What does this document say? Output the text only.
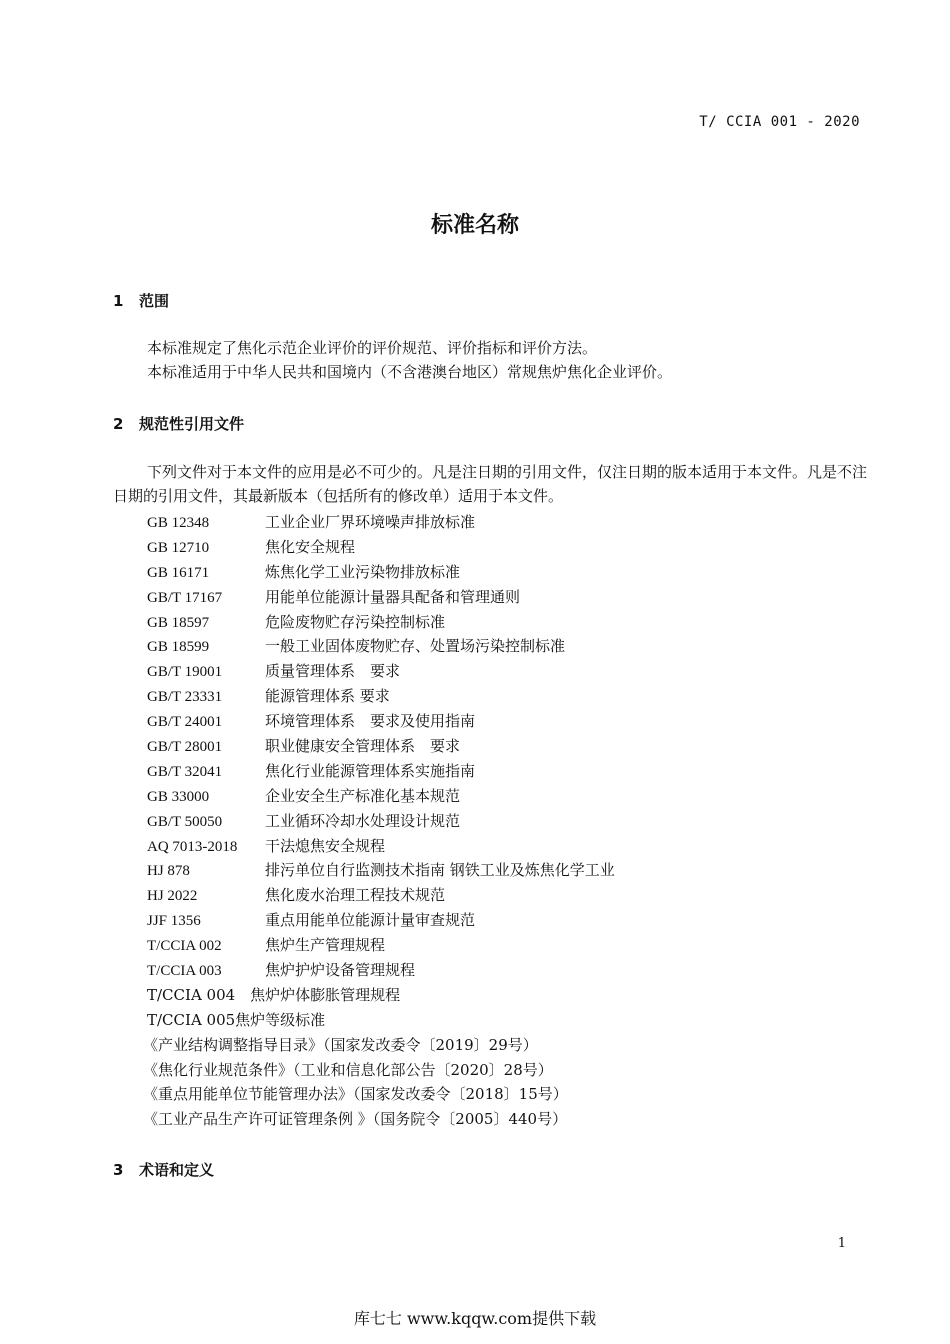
T/ CCIA 001 - 2020
标准名称
1 范围

本标准规定了焦化示范企业评价的评价规范、评价指标和评价方法。

本标准适用于中华人民共和国境内（不含港澳台地区）常规焦炉焦化企业评价。

2 规范性引用文件

下列文件对于本文件的应用是必不可少的。凡是注日期的引用文件，仅注日期的版本适用于本文件。凡是不注日期的引用文件，其最新版本（包括所有的修改单）适用于本文件。

GB 12348	工业企业厂界环境噪声排放标准
GB 12710	焦化安全规程
GB 16171	炼焦化学工业污染物排放标准
GB/T 17167	用能单位能源计量器具配备和管理通则
GB 18597	危险废物贮存污染控制标准
GB 18599	一般工业固体废物贮存、处置场污染控制标准
GB/T 19001	质量管理体系　要求
GB/T 23331	能源管理体系 要求
GB/T 24001	环境管理体系　要求及使用指南
GB/T 28001	职业健康安全管理体系　要求
GB/T 32041	焦化行业能源管理体系实施指南
GB 33000	企业安全生产标准化基本规范
GB/T 50050	工业循环冷却水处理设计规范
AQ 7013-2018 干法熄焦安全规程
HJ 878	排污单位自行监测技术指南 钢铁工业及炼焦化学工业
HJ 2022	焦化废水治理工程技术规范
JJF 1356	重点用能单位能源计量审查规范
T/CCIA 002	焦炉生产管理规程
T/CCIA 003	焦炉护炉设备管理规程
T/CCIA 004　焦炉炉体膨胀管理规程
T/CCIA 005焦炉等级标准
《产业结构调整指导目录》（国家发改委令〔2019〕29号）
《焦化行业规范条件》（工业和信息化部公告〔2020〕28号）
《重点用能单位节能管理办法》（国家发改委令〔2018〕15号）
《工业产品生产许可证管理条例 》（国务院令〔2005〕440号）
3 术语和定义
1
库七七 www.kqqw.com提供下载
